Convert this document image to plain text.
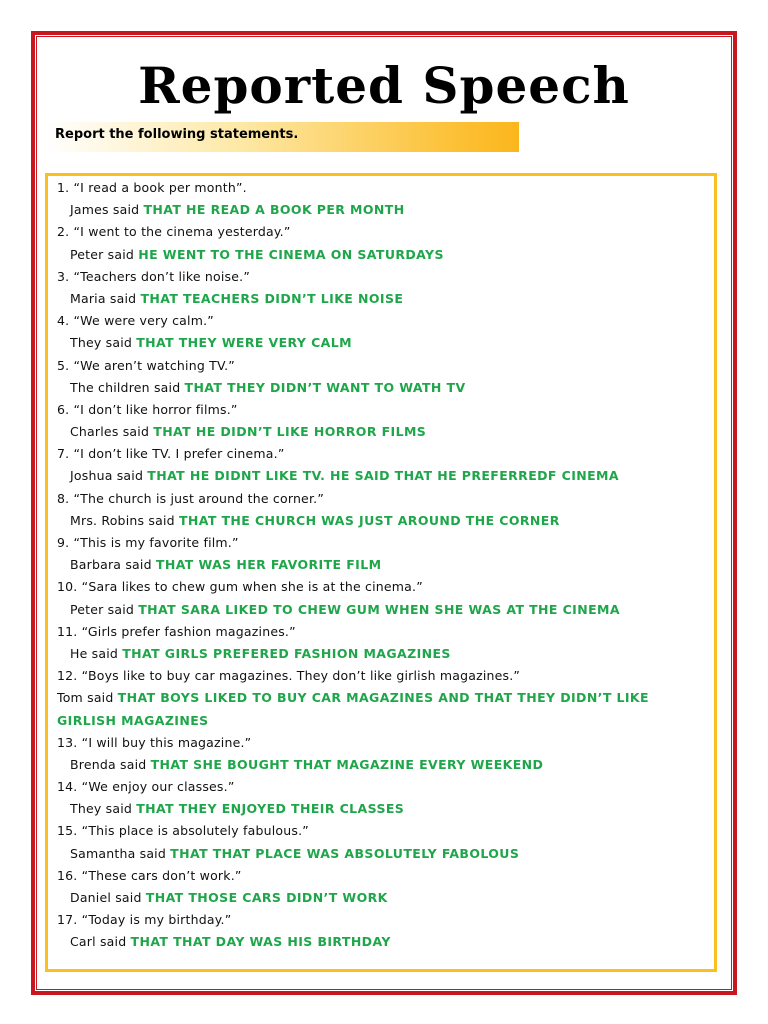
Reported Speech
Report the following statements.
1. “I read a book per month”.
James said THAT HE READ A BOOK PER MONTH
2. “I went to the cinema yesterday.”
Peter said HE WENT TO THE CINEMA ON SATURDAYS
3. “Teachers don’t like noise.”
Maria said THAT TEACHERS DIDN’T LIKE NOISE
4. “We were very calm.”
They said THAT THEY WERE VERY CALM
5. “We aren’t watching TV.”
The children said THAT THEY DIDN’T WANT TO WATH TV
6. “I don’t like horror films.”
Charles said THAT HE DIDN’T LIKE HORROR FILMS
7. “I don’t like TV. I prefer cinema.”
Joshua said THAT HE DIDNT LIKE TV. HE SAID THAT HE PREFERREDF CINEMA
8. “The church is just around the corner.”
Mrs. Robins said THAT THE CHURCH WAS JUST AROUND THE CORNER
9. “This is my favorite film.”
Barbara said THAT WAS HER FAVORITE FILM
10. “Sara likes to chew gum when she is at the cinema.”
Peter said THAT SARA LIKED TO CHEW GUM WHEN SHE WAS AT THE CINEMA
11. “Girls prefer fashion magazines.”
He said THAT GIRLS PREFERED FASHION MAGAZINES
12. “Boys like to buy car magazines. They don’t like girlish magazines.”
Tom said THAT BOYS LIKED TO BUY CAR MAGAZINES AND THAT THEY DIDN’T LIKE
GIRLISH MAGAZINES
13. “I will buy this magazine.”
Brenda said THAT SHE BOUGHT THAT MAGAZINE EVERY WEEKEND
14. “We enjoy our classes.”
They said THAT THEY ENJOYED THEIR CLASSES
15. “This place is absolutely fabulous.”
Samantha said THAT THAT PLACE WAS ABSOLUTELY FABOLOUS
16. “These cars don’t work.”
Daniel said THAT THOSE CARS DIDN’T WORK
17. “Today is my birthday.”
Carl said THAT THAT DAY WAS HIS BIRTHDAY
